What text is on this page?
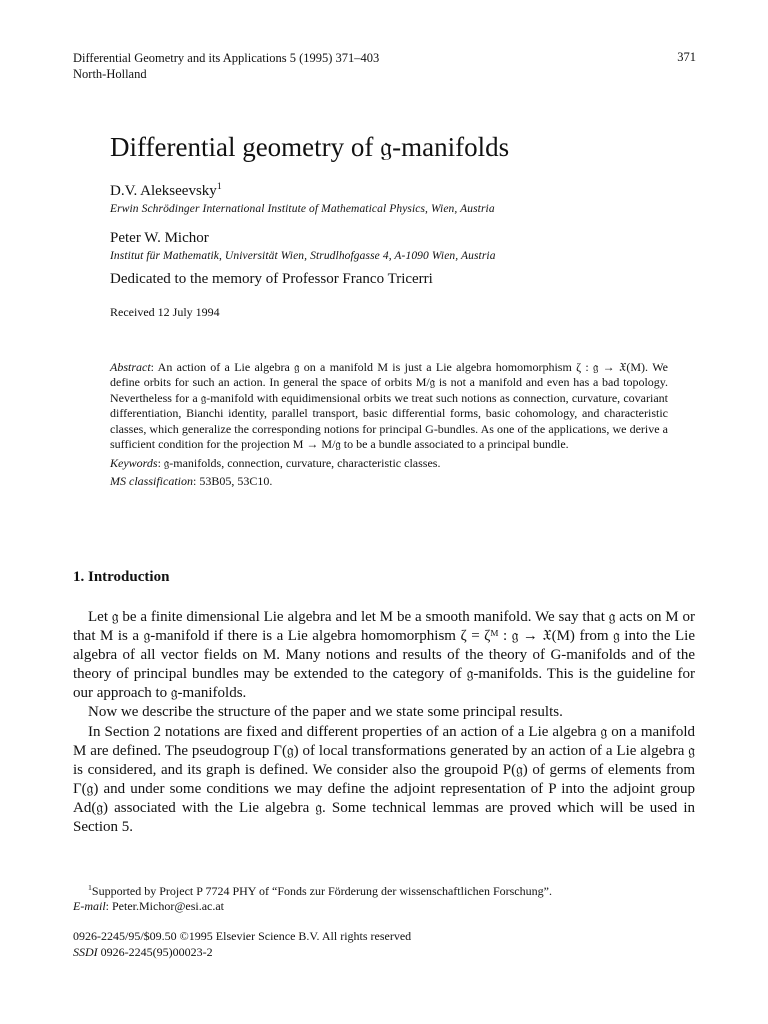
Differential Geometry and its Applications 5 (1995) 371–403
North-Holland
371
Differential geometry of 𝔤-manifolds
D.V. Alekseevsky$^1$
Erwin Schrödinger International Institute of Mathematical Physics, Wien, Austria
Peter W. Michor
Institut für Mathematik, Universität Wien, Strudlhofgasse 4, A-1090 Wien, Austria
Dedicated to the memory of Professor Franco Tricerri
Received 12 July 1994

Abstract: An action of a Lie algebra 𝔤 on a manifold M is just a Lie algebra homomorphism ζ : 𝔤 → 𝔛(M). We define orbits for such an action. In general the space of orbits M/𝔤 is not a manifold and even has a bad topology. Nevertheless for a 𝔤-manifold with equidimensional orbits we treat such notions as connection, curvature, covariant differentiation, Bianchi identity, parallel transport, basic differential forms, basic cohomology, and characteristic classes, which generalize the corresponding notions for principal G-bundles. As one of the applications, we derive a sufficient condition for the projection M → M/𝔤 to be a bundle associated to a principal bundle.

Keywords: 𝔤-manifolds, connection, curvature, characteristic classes.

MS classification: 53B05, 53C10.

1. Introduction

Let 𝔤 be a finite dimensional Lie algebra and let M be a smooth manifold. We say that 𝔤 acts on M or that M is a 𝔤-manifold if there is a Lie algebra homomorphism ζ = ζᴹ : 𝔤 → 𝔛(M) from 𝔤 into the Lie algebra of all vector fields on M. Many notions and results of the theory of G-manifolds and of the theory of principal bundles may be extended to the category of 𝔤-manifolds. This is the guideline for our approach to 𝔤-manifolds.

Now we describe the structure of the paper and we state some principal results.

In Section 2 notations are fixed and different properties of an action of a Lie algebra 𝔤 on a manifold M are defined. The pseudogroup Γ(𝔤) of local transformations generated by an action of a Lie algebra 𝔤 is considered, and its graph is defined. We consider also the groupoid P(𝔤) of germs of elements from Γ(𝔤) and under some conditions we may define the adjoint representation of P into the adjoint group Ad(𝔤) associated with the Lie algebra 𝔤. Some technical lemmas are proved which will be used in Section 5.

$^1$Supported by Project P 7724 PHY of “Fonds zur Förderung der wissenschaftlichen Forschung”.

E-mail: Peter.Michor@esi.ac.at

0926-2245/95/$09.50 ©1995 Elsevier Science B.V. All rights reserved

SSDI 0926-2245(95)00023-2
